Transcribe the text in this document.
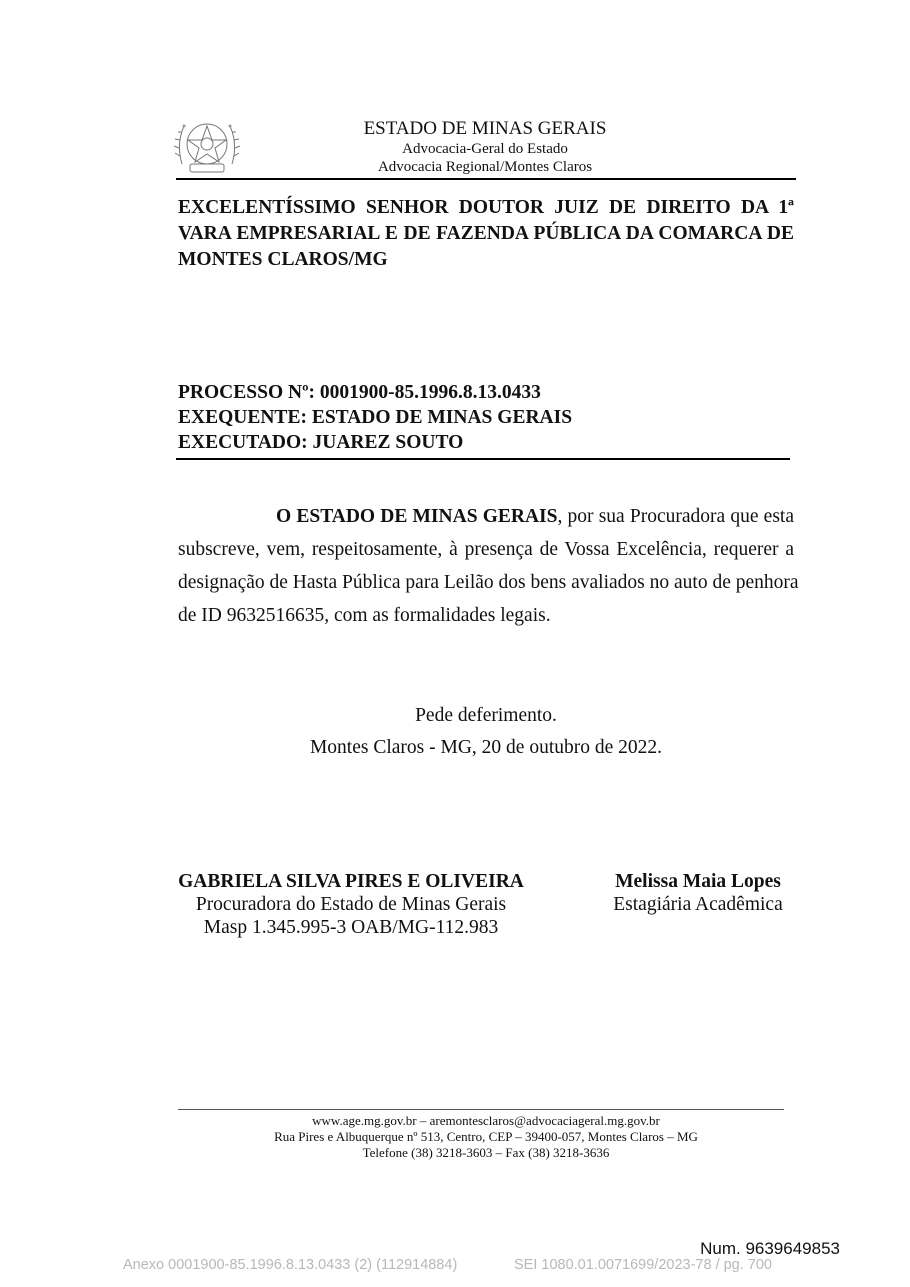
ESTADO DE MINAS GERAIS
Advocacia-Geral do Estado
Advocacia Regional/Montes Claros
EXCELENTÍSSIMO SENHOR DOUTOR JUIZ DE DIREITO DA 1ª
VARA EMPRESARIAL E DE FAZENDA PÚBLICA DA COMARCA DE
MONTES CLAROS/MG
PROCESSO Nº: 0001900-85.1996.8.13.0433
EXEQUENTE: ESTADO DE MINAS GERAIS
EXECUTADO: JUAREZ SOUTO
O ESTADO DE MINAS GERAIS, por sua Procuradora que esta
subscreve, vem, respeitosamente, à presença de Vossa Excelência, requerer a
designação de Hasta Pública para Leilão dos bens avaliados no auto de penhora
de ID 9632516635, com as formalidades legais.
Pede deferimento.
Montes Claros - MG, 20 de outubro de 2022.
GABRIELA SILVA PIRES E OLIVEIRA
Procuradora do Estado de Minas Gerais
Masp 1.345.995-3 OAB/MG-112.983
Melissa Maia Lopes
Estagiária Acadêmica
www.age.mg.gov.br – aremontesclaros@advocaciageral.mg.gov.br
Rua Pires e Albuquerque nº 513, Centro, CEP – 39400-057, Montes Claros – MG
Telefone (38) 3218-3603 – Fax (38) 3218-3636
Num. 9639649853
Anexo 0001900-85.1996.8.13.0433 (2) (112914884)	SEI 1080.01.0071699/2023-78 / pg. 700
